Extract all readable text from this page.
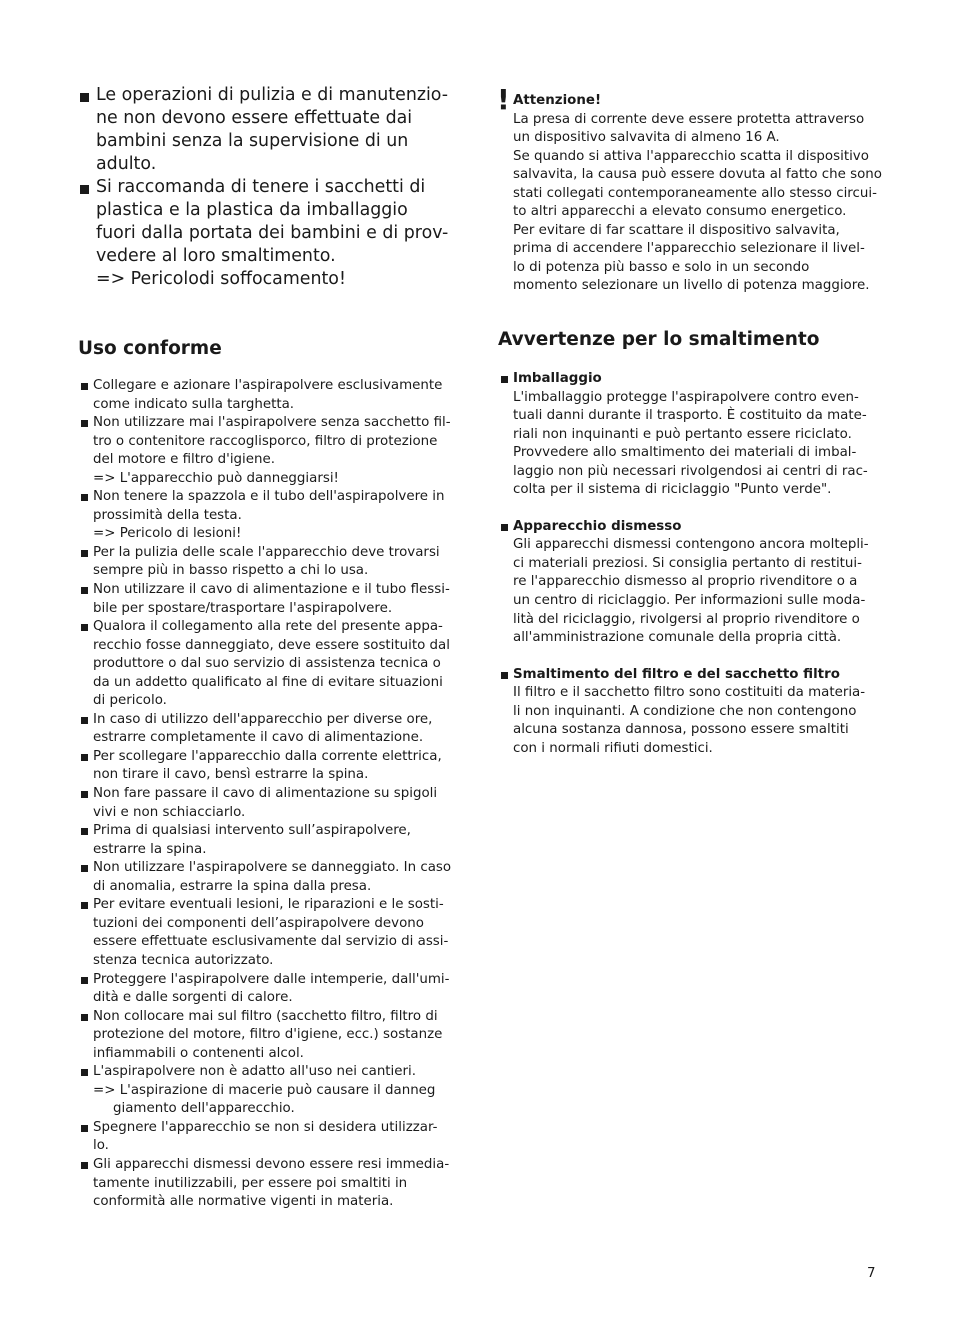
Le operazioni di pulizia e di manutenzio-
ne non devono essere effettuate dai
bambini senza la supervisione di un
adulto.
Si raccomanda di tenere i sacchetti di
plastica e la plastica da imballaggio
fuori dalla portata dei bambini e di prov-
vedere al loro smaltimento.
=> Pericolodi soffocamento!
Uso conforme
Collegare e azionare l'aspirapolvere esclusivamente
come indicato sulla targhetta.
Non utilizzare mai l'aspirapolvere senza sacchetto fil-
tro o contenitore raccoglisporco, filtro di protezione
del motore e filtro d'igiene.
=> L'apparecchio può danneggiarsi!
Non tenere la spazzola e il tubo dell'aspirapolvere in
prossimità della testa.
=> Pericolo di lesioni!
Per la pulizia delle scale l'apparecchio deve trovarsi
sempre più in basso rispetto a chi lo usa.
Non utilizzare il cavo di alimentazione e il tubo flessi-
bile per spostare/trasportare l'aspirapolvere.
Qualora il collegamento alla rete del presente appa-
recchio fosse danneggiato, deve essere sostituito dal
produttore o dal suo servizio di assistenza tecnica o
da un addetto qualificato al fine di evitare situazioni
di pericolo.
In caso di utilizzo dell'apparecchio per diverse ore,
estrarre completamente il cavo di alimentazione.
Per scollegare l'apparecchio dalla corrente elettrica,
non tirare il cavo, bensì estrarre la spina.
Non fare passare il cavo di alimentazione su spigoli
vivi e non schiacciarlo.
Prima di qualsiasi intervento sull’aspirapolvere,
estrarre la spina.
Non utilizzare l'aspirapolvere se danneggiato. In caso
di anomalia, estrarre la spina dalla presa.
Per evitare eventuali lesioni, le riparazioni e le sosti-
tuzioni dei componenti dell’aspirapolvere devono
essere effettuate esclusivamente dal servizio di assi-
stenza tecnica autorizzato.
Proteggere l'aspirapolvere dalle intemperie, dall'umi-
dità e dalle sorgenti di calore.
Non collocare mai sul filtro (sacchetto filtro, filtro di
protezione del motore, filtro d'igiene, ecc.) sostanze
infiammabili o contenenti alcol.
L'aspirapolvere non è adatto all'uso nei cantieri.
=> L'aspirazione di macerie può causare il danneg
giamento dell'apparecchio.
Spegnere l'apparecchio se non si desidera utilizzar-
lo.
Gli apparecchi dismessi devono essere resi immedia-
tamente inutilizzabili, per essere poi smaltiti in
conformità alle normative vigenti in materia.
! Attenzione!
La presa di corrente deve essere protetta attraverso
un dispositivo salvavita di almeno 16 A.
Se quando si attiva l'apparecchio scatta il dispositivo
salvavita, la causa può essere dovuta al fatto che sono
stati collegati contemporaneamente allo stesso circui-
to altri apparecchi a elevato consumo energetico.
Per evitare di far scattare il dispositivo salvavita,
prima di accendere l'apparecchio selezionare il livel-
lo di potenza più basso e solo in un secondo
momento selezionare un livello di potenza maggiore.
Avvertenze per lo smaltimento
Imballaggio
L'imballaggio protegge l'aspirapolvere contro even-
tuali danni durante il trasporto. È costituito da mate-
riali non inquinanti e può pertanto essere riciclato.
Provvedere allo smaltimento dei materiali di imbal-
laggio non più necessari rivolgendosi ai centri di rac-
colta per il sistema di riciclaggio "Punto verde".
Apparecchio dismesso
Gli apparecchi dismessi contengono ancora moltepli-
ci materiali preziosi. Si consiglia pertanto di restitui-
re l'apparecchio dismesso al proprio rivenditore o a
un centro di riciclaggio. Per informazioni sulle moda-
lità del riciclaggio, rivolgersi al proprio rivenditore o
all'amministrazione comunale della propria città.
Smaltimento del filtro e del sacchetto filtro
Il filtro e il sacchetto filtro sono costituiti da materia-
li non inquinanti. A condizione che non contengono
alcuna sostanza dannosa, possono essere smaltiti
con i normali rifiuti domestici.
7
